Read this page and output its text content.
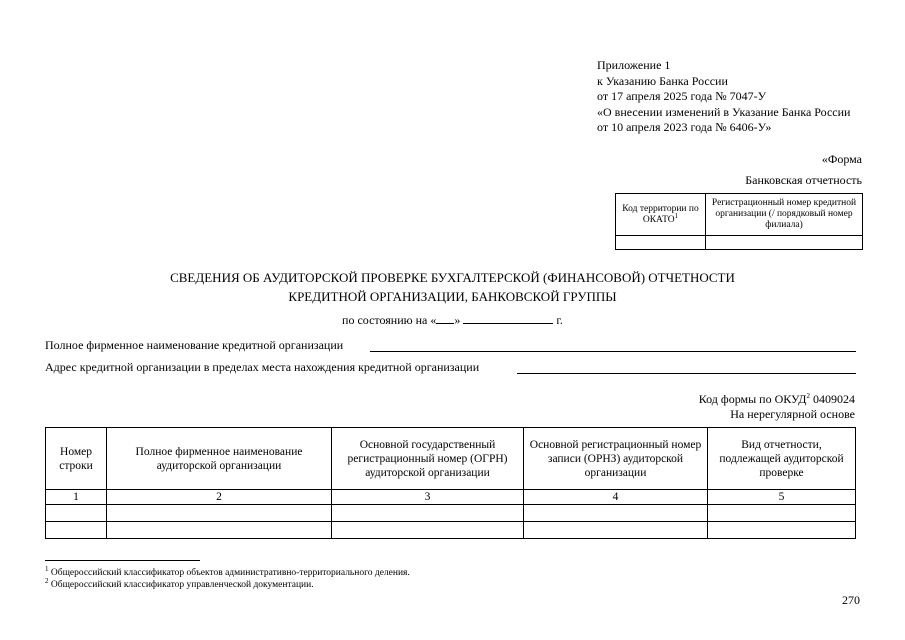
Приложение 1
к Указанию Банка России
от 17 апреля 2025 года № 7047-У
«О внесении изменений в Указание Банка России
от 10 апреля 2023 года № 6406-У»
«Форма
Банковская отчетность
Код территории по ОКАТО$^1$	Регистрационный номер кредитной организации (/ порядковый номер филиала)

СВЕДЕНИЯ ОБ АУДИТОРСКОЙ ПРОВЕРКЕ БУХГАЛТЕРСКОЙ (ФИНАНСОВОЙ) ОТЧЕТНОСТИ
КРЕДИТНОЙ ОРГАНИЗАЦИИ, БАНКОВСКОЙ ГРУППЫ
по состоянию на « »	г.
Полное фирменное наименование кредитной организации
Адрес кредитной организации в пределах места нахождения кредитной организации
Код формы по ОКУД$^2$ 0409024
На нерегулярной основе
Номер строки	Полное фирменное наименование аудиторской организации	Основной государственный регистрационный номер (ОГРН) аудиторской организации	Основной регистрационный номер записи (ОРНЗ) аудиторской организации	Вид отчетности, подлежащей аудиторской проверке
1	2	3	4	5

$^1$ Общероссийский классификатор объектов административно-территориального деления.
$^2$ Общероссийский классификатор управленческой документации.
270
